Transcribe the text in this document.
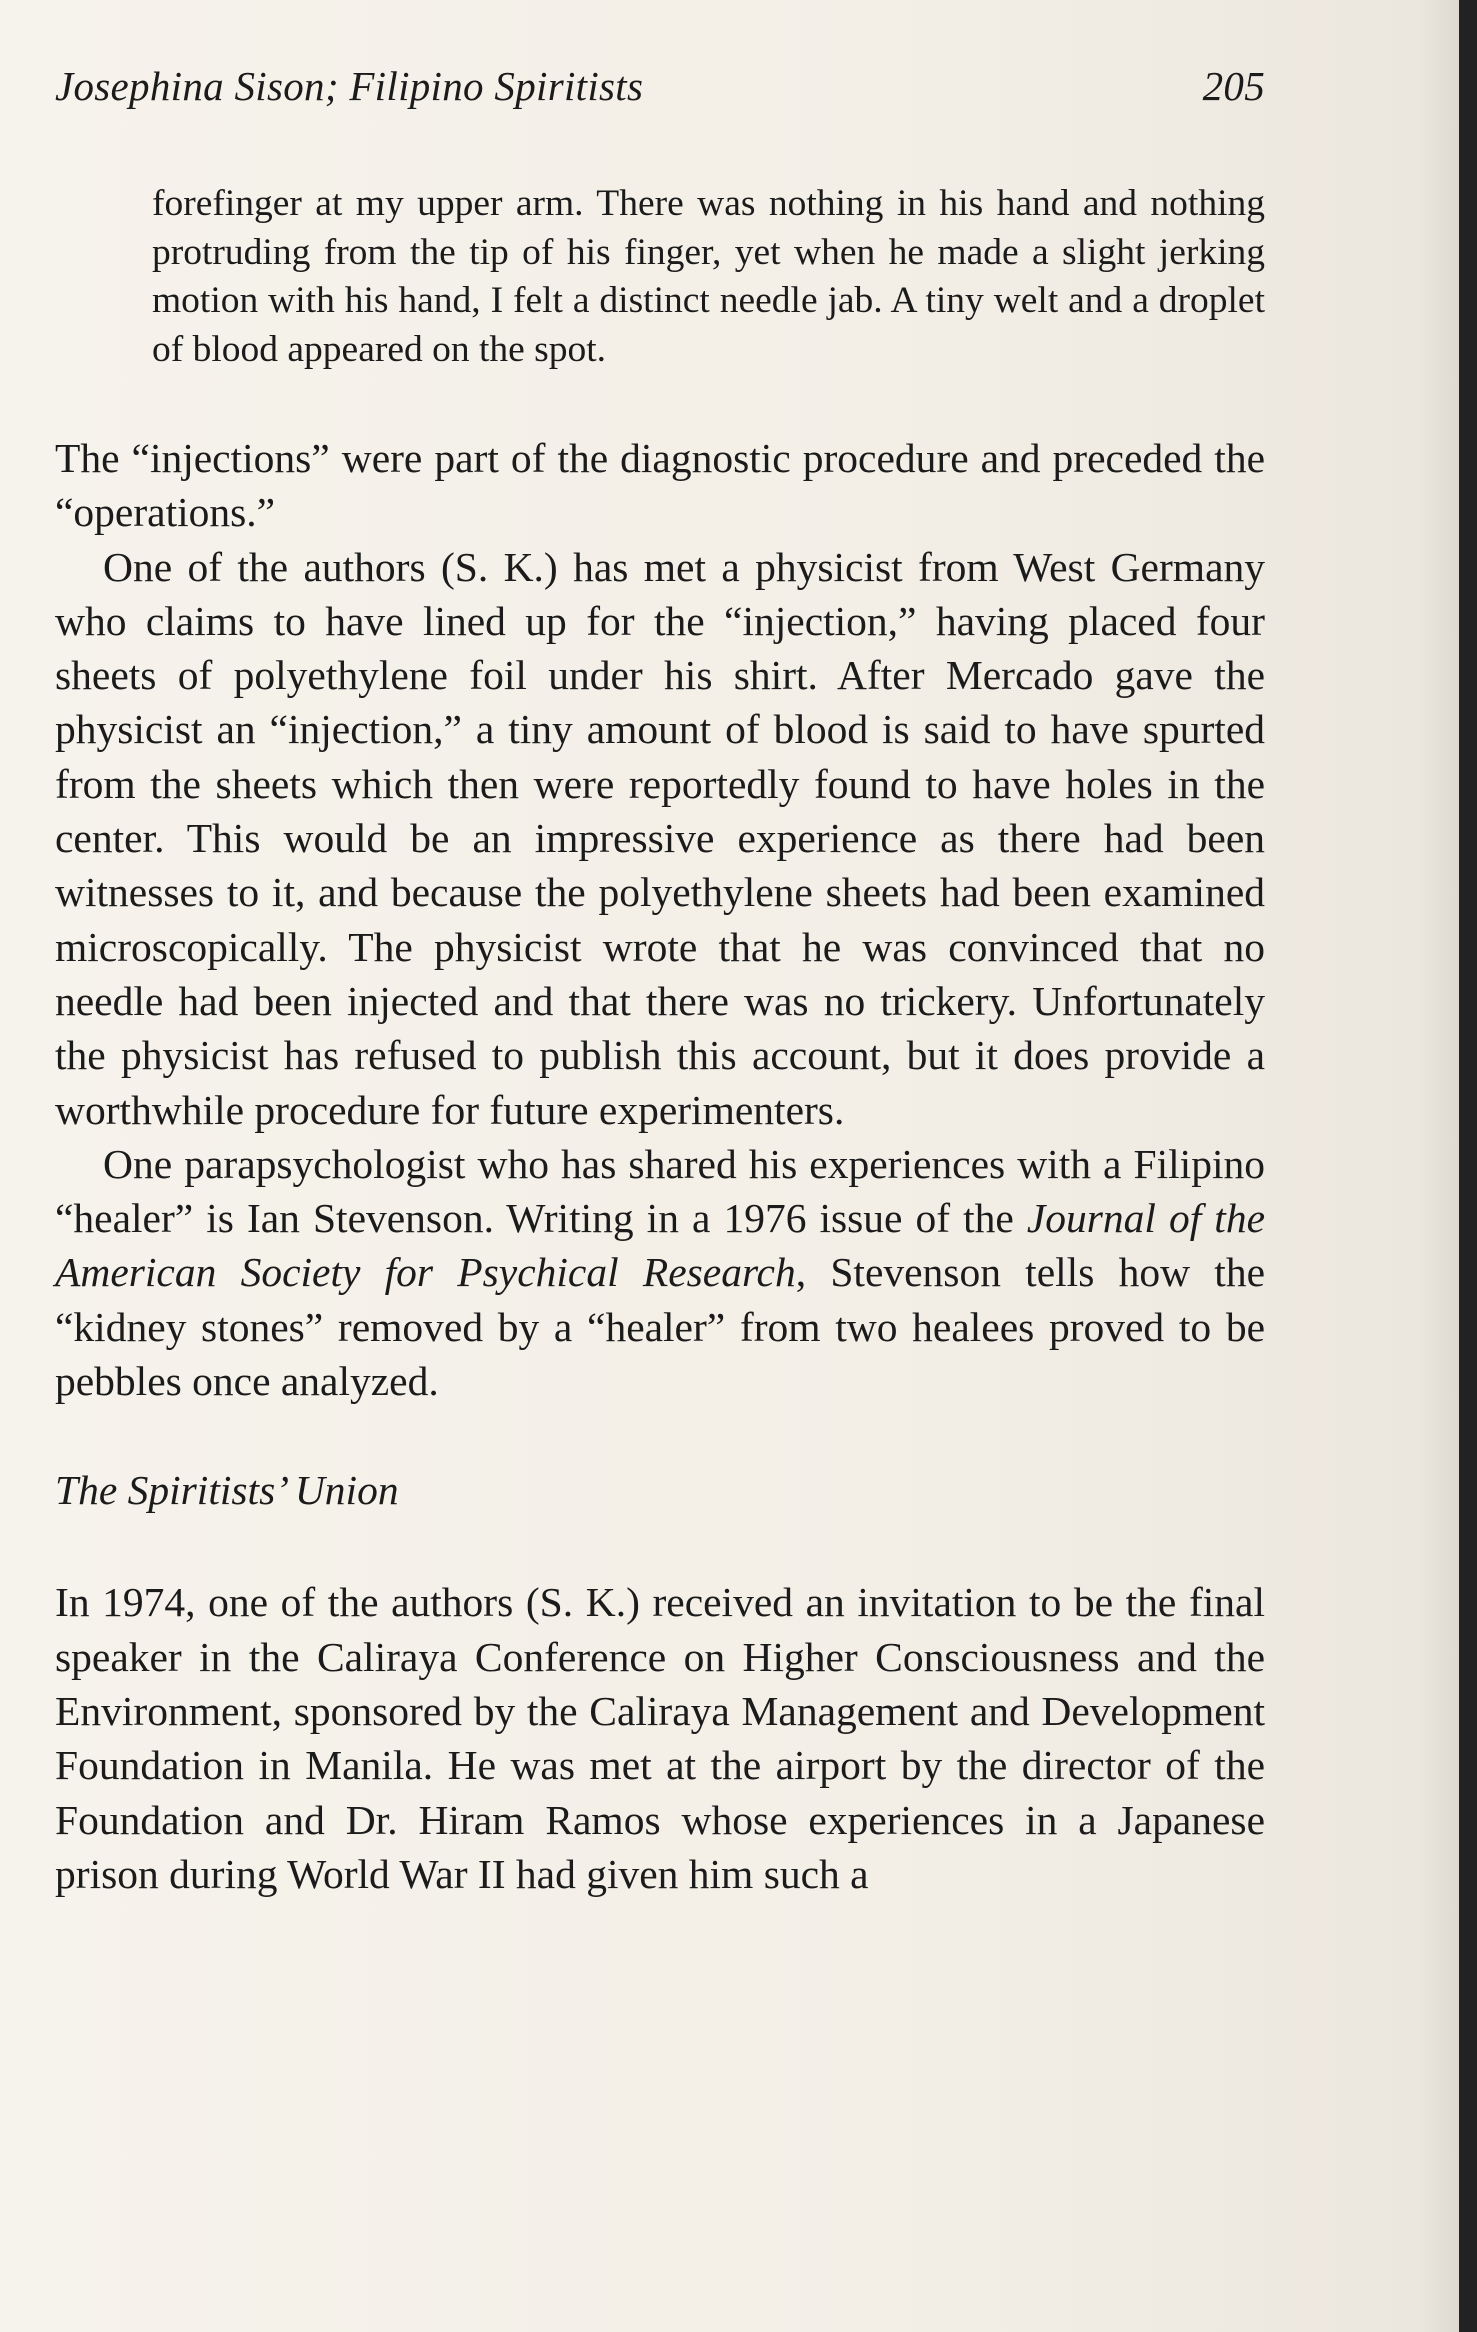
Josephina Sison; Filipino Spiritists	205
forefinger at my upper arm. There was nothing in his hand and nothing protruding from the tip of his finger, yet when he made a slight jerking motion with his hand, I felt a distinct needle jab. A tiny welt and a droplet of blood appeared on the spot.

The “injections” were part of the diagnostic procedure and preceded the “operations.”

One of the authors (S. K.) has met a physicist from West Germany who claims to have lined up for the “injection,” having placed four sheets of polyethylene foil under his shirt. After Mercado gave the physicist an “injection,” a tiny amount of blood is said to have spurted from the sheets which then were reportedly found to have holes in the center. This would be an impressive experience as there had been witnesses to it, and because the polyethylene sheets had been examined microscopically. The physicist wrote that he was convinced that no needle had been injected and that there was no trickery. Unfortunately the physicist has refused to publish this account, but it does provide a worthwhile procedure for future experimenters.

One parapsychologist who has shared his experiences with a Filipino “healer” is Ian Stevenson. Writing in a 1976 issue of the Journal of the American Society for Psychical Research, Stevenson tells how the “kidney stones” removed by a “healer” from two healees proved to be pebbles once analyzed.

The Spiritists’ Union

In 1974, one of the authors (S. K.) received an invitation to be the final speaker in the Caliraya Conference on Higher Consciousness and the Environment, sponsored by the Caliraya Management and Development Foundation in Manila. He was met at the airport by the director of the Foundation and Dr. Hiram Ramos whose experiences in a Japanese prison during World War II had given him such a
